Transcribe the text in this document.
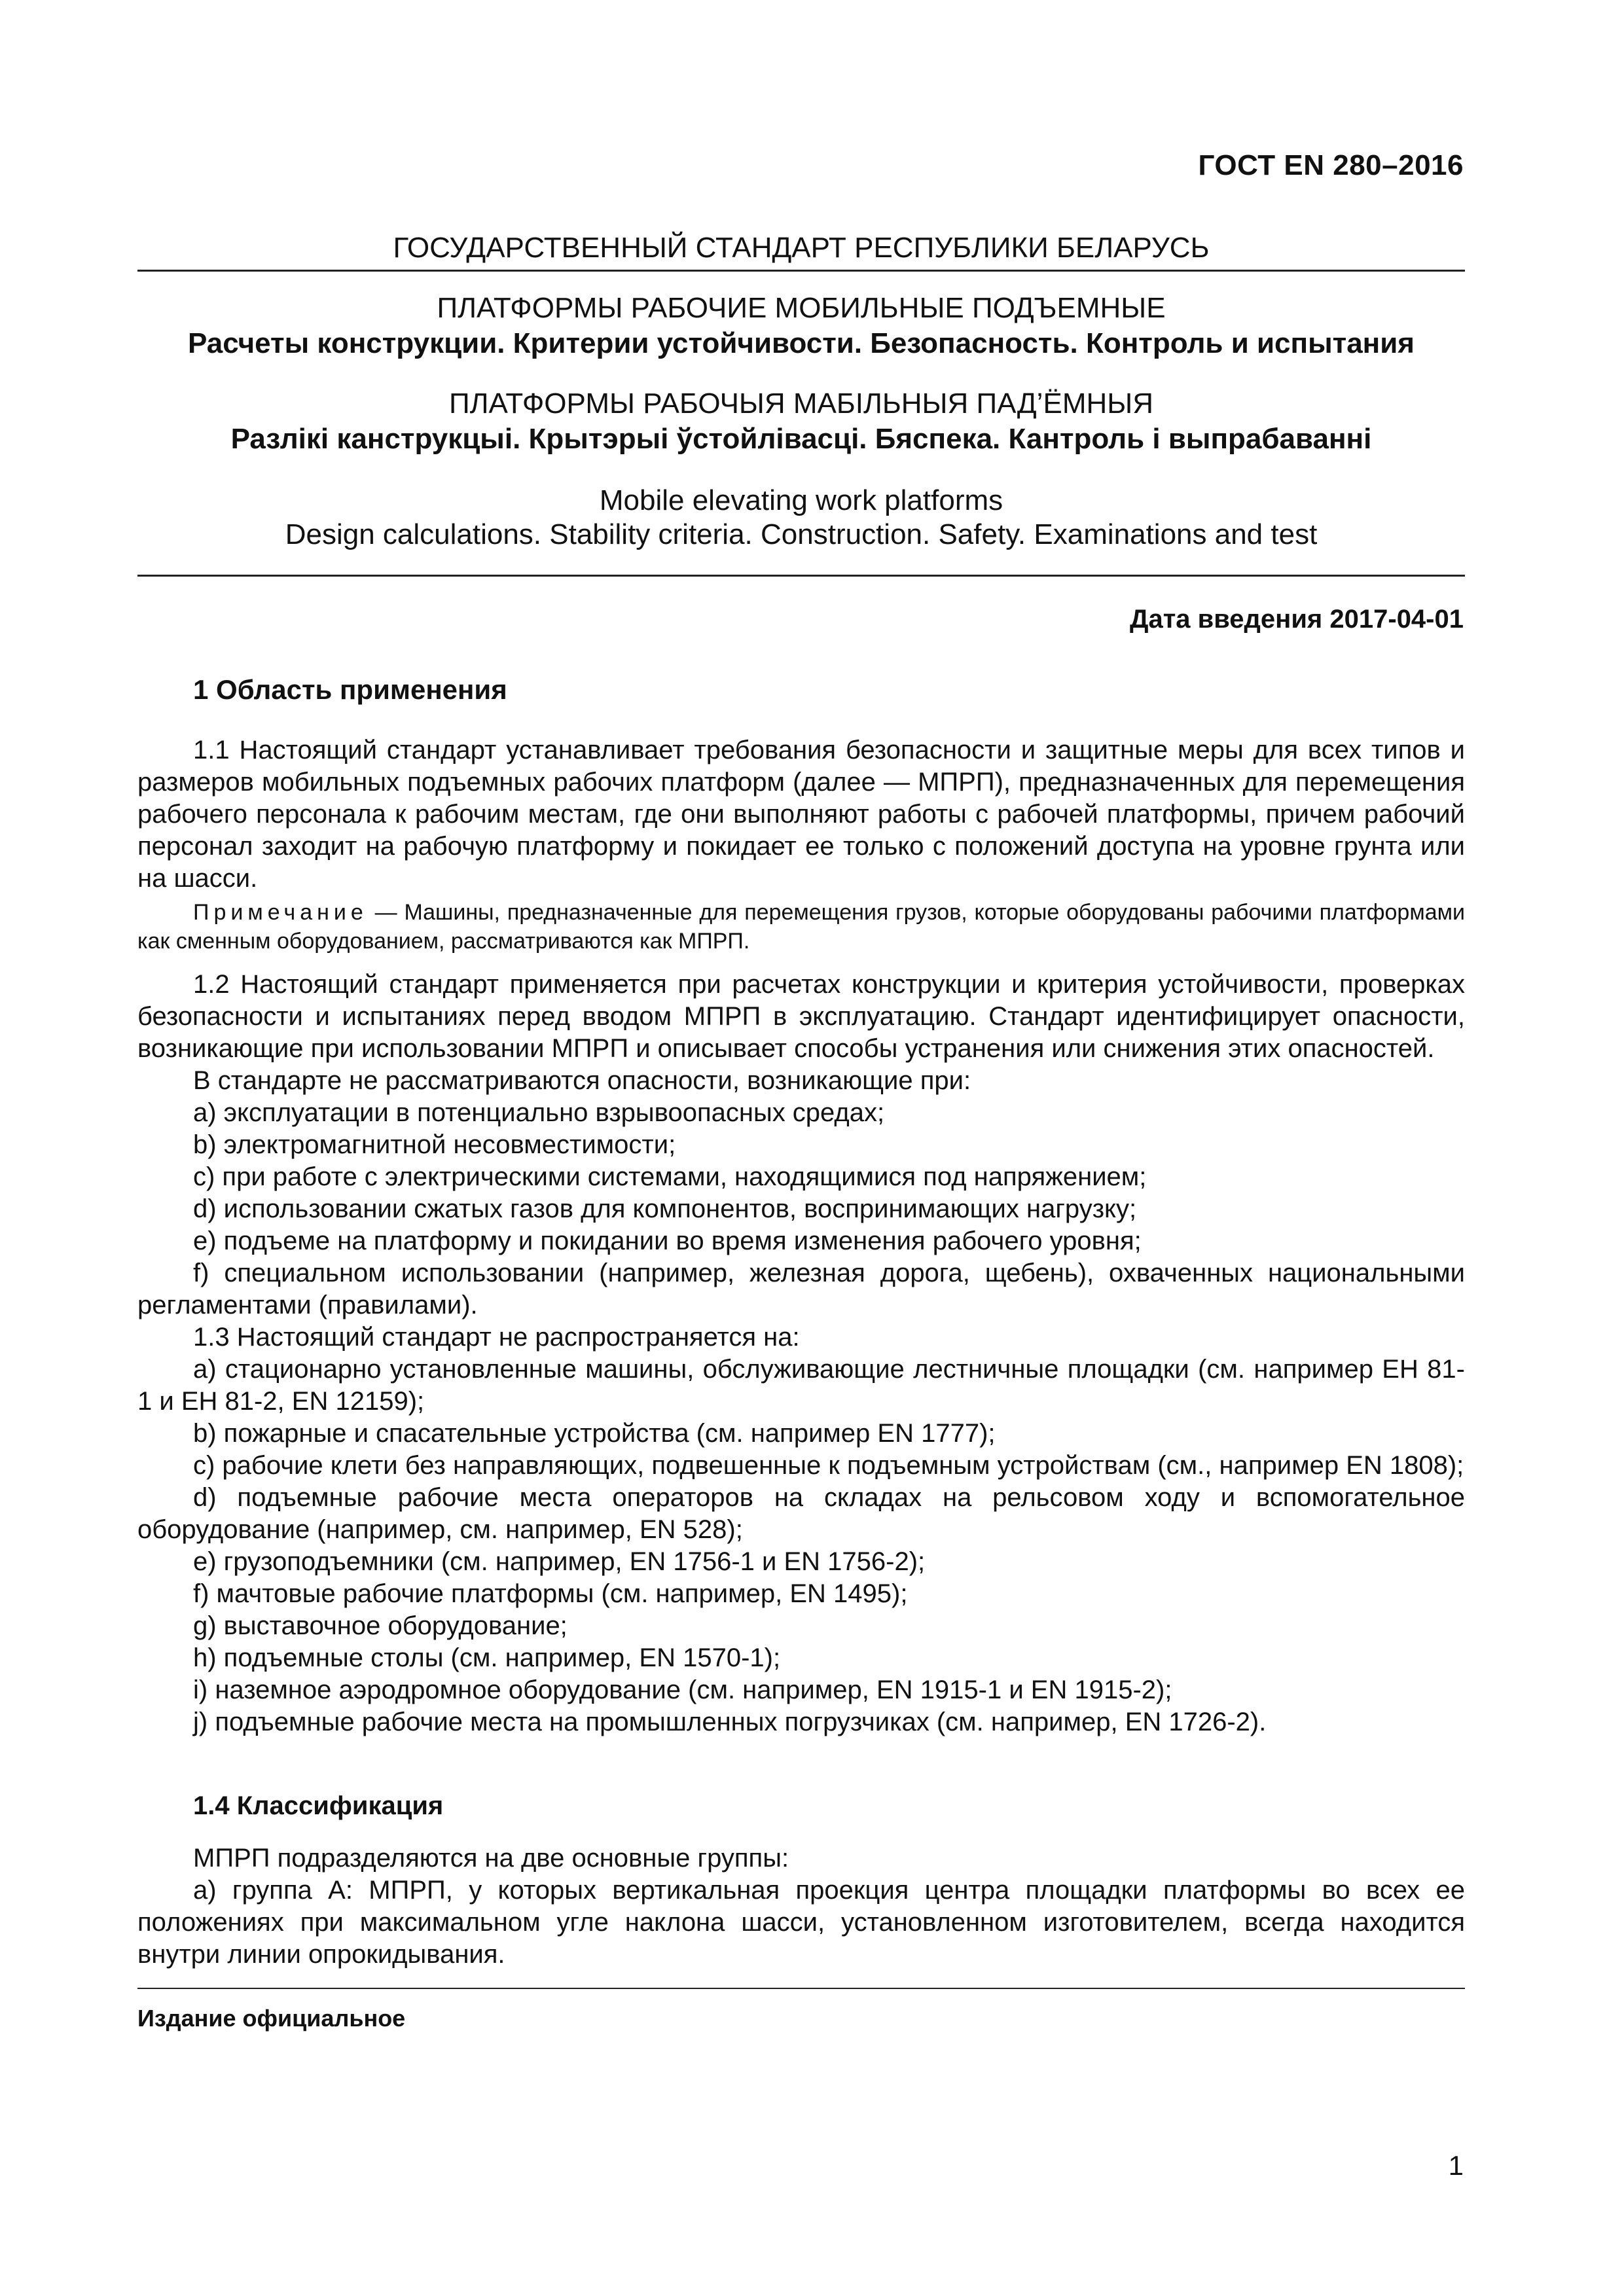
ГОСТ EN 280–2016
ГОСУДАРСТВЕННЫЙ СТАНДАРТ РЕСПУБЛИКИ БЕЛАРУСЬ
ПЛАТФОРМЫ РАБОЧИЕ МОБИЛЬНЫЕ ПОДЪЕМНЫЕ
Расчеты конструкции. Критерии устойчивости. Безопасность. Контроль и испытания
ПЛАТФОРМЫ РАБОЧЫЯ МАБІЛЬНЫЯ ПАД’ЁМНЫЯ
Разлікі канструкцыі. Крытэрыі ўстойлівасці. Бяспека. Кантроль і выпрабаванні
Mobile elevating work platforms
Design calculations. Stability criteria. Construction. Safety. Examinations and test
Дата введения 2017-04-01
1 Область применения

1.1 Настоящий стандарт устанавливает требования безопасности и защитные меры для всех типов и размеров мобильных подъемных рабочих платформ (далее — МПРП), предназначенных для перемещения рабочего персонала к рабочим местам, где они выполняют работы с рабочей платформы, причем рабочий персонал заходит на рабочую платформу и покидает ее только с положений доступа на уровне грунта или на шасси.

Примечание — Машины, предназначенные для перемещения грузов, которые оборудованы рабочими платформами как сменным оборудованием, рассматриваются как МПРП.

1.2 Настоящий стандарт применяется при расчетах конструкции и критерия устойчивости, проверках безопасности и испытаниях перед вводом МПРП в эксплуатацию. Стандарт идентифицирует опасности, возникающие при использовании МПРП и описывает способы устранения или снижения этих опасностей.

В стандарте не рассматриваются опасности, возникающие при:

a) эксплуатации в потенциально взрывоопасных средах;

b) электромагнитной несовместимости;

c) при работе с электрическими системами, находящимися под напряжением;

d) использовании сжатых газов для компонентов, воспринимающих нагрузку;

e) подъеме на платформу и покидании во время изменения рабочего уровня;

f) специальном использовании (например, железная дорога, щебень), охваченных национальными регламентами (правилами).

1.3 Настоящий стандарт не распространяется на:

a) стационарно установленные машины, обслуживающие лестничные площадки (см. например ЕН 81-1 и ЕН 81-2, EN 12159);

b) пожарные и спасательные устройства (см. например EN 1777);

c) рабочие клети без направляющих, подвешенные к подъемным устройствам (см., например EN 1808);

d) подъемные рабочие места операторов на складах на рельсовом ходу и вспомогательное оборудование (например, см. например, EN 528);

e) грузоподъемники (см. например, EN 1756-1 и EN 1756-2);

f) мачтовые рабочие платформы (см. например, EN 1495);

g) выставочное оборудование;

h) подъемные столы (см. например, EN 1570-1);

i) наземное аэродромное оборудование (см. например, EN 1915-1 и EN 1915-2);

j) подъемные рабочие места на промышленных погрузчиках (см. например, EN 1726-2).

1.4 Классификация

МПРП подразделяются на две основные группы:

a) группа А: МПРП, у которых вертикальная проекция центра площадки платформы во всех ее положениях при максимальном угле наклона шасси, установленном изготовителем, всегда находится внутри линии опрокидывания.

Издание официальное
1
